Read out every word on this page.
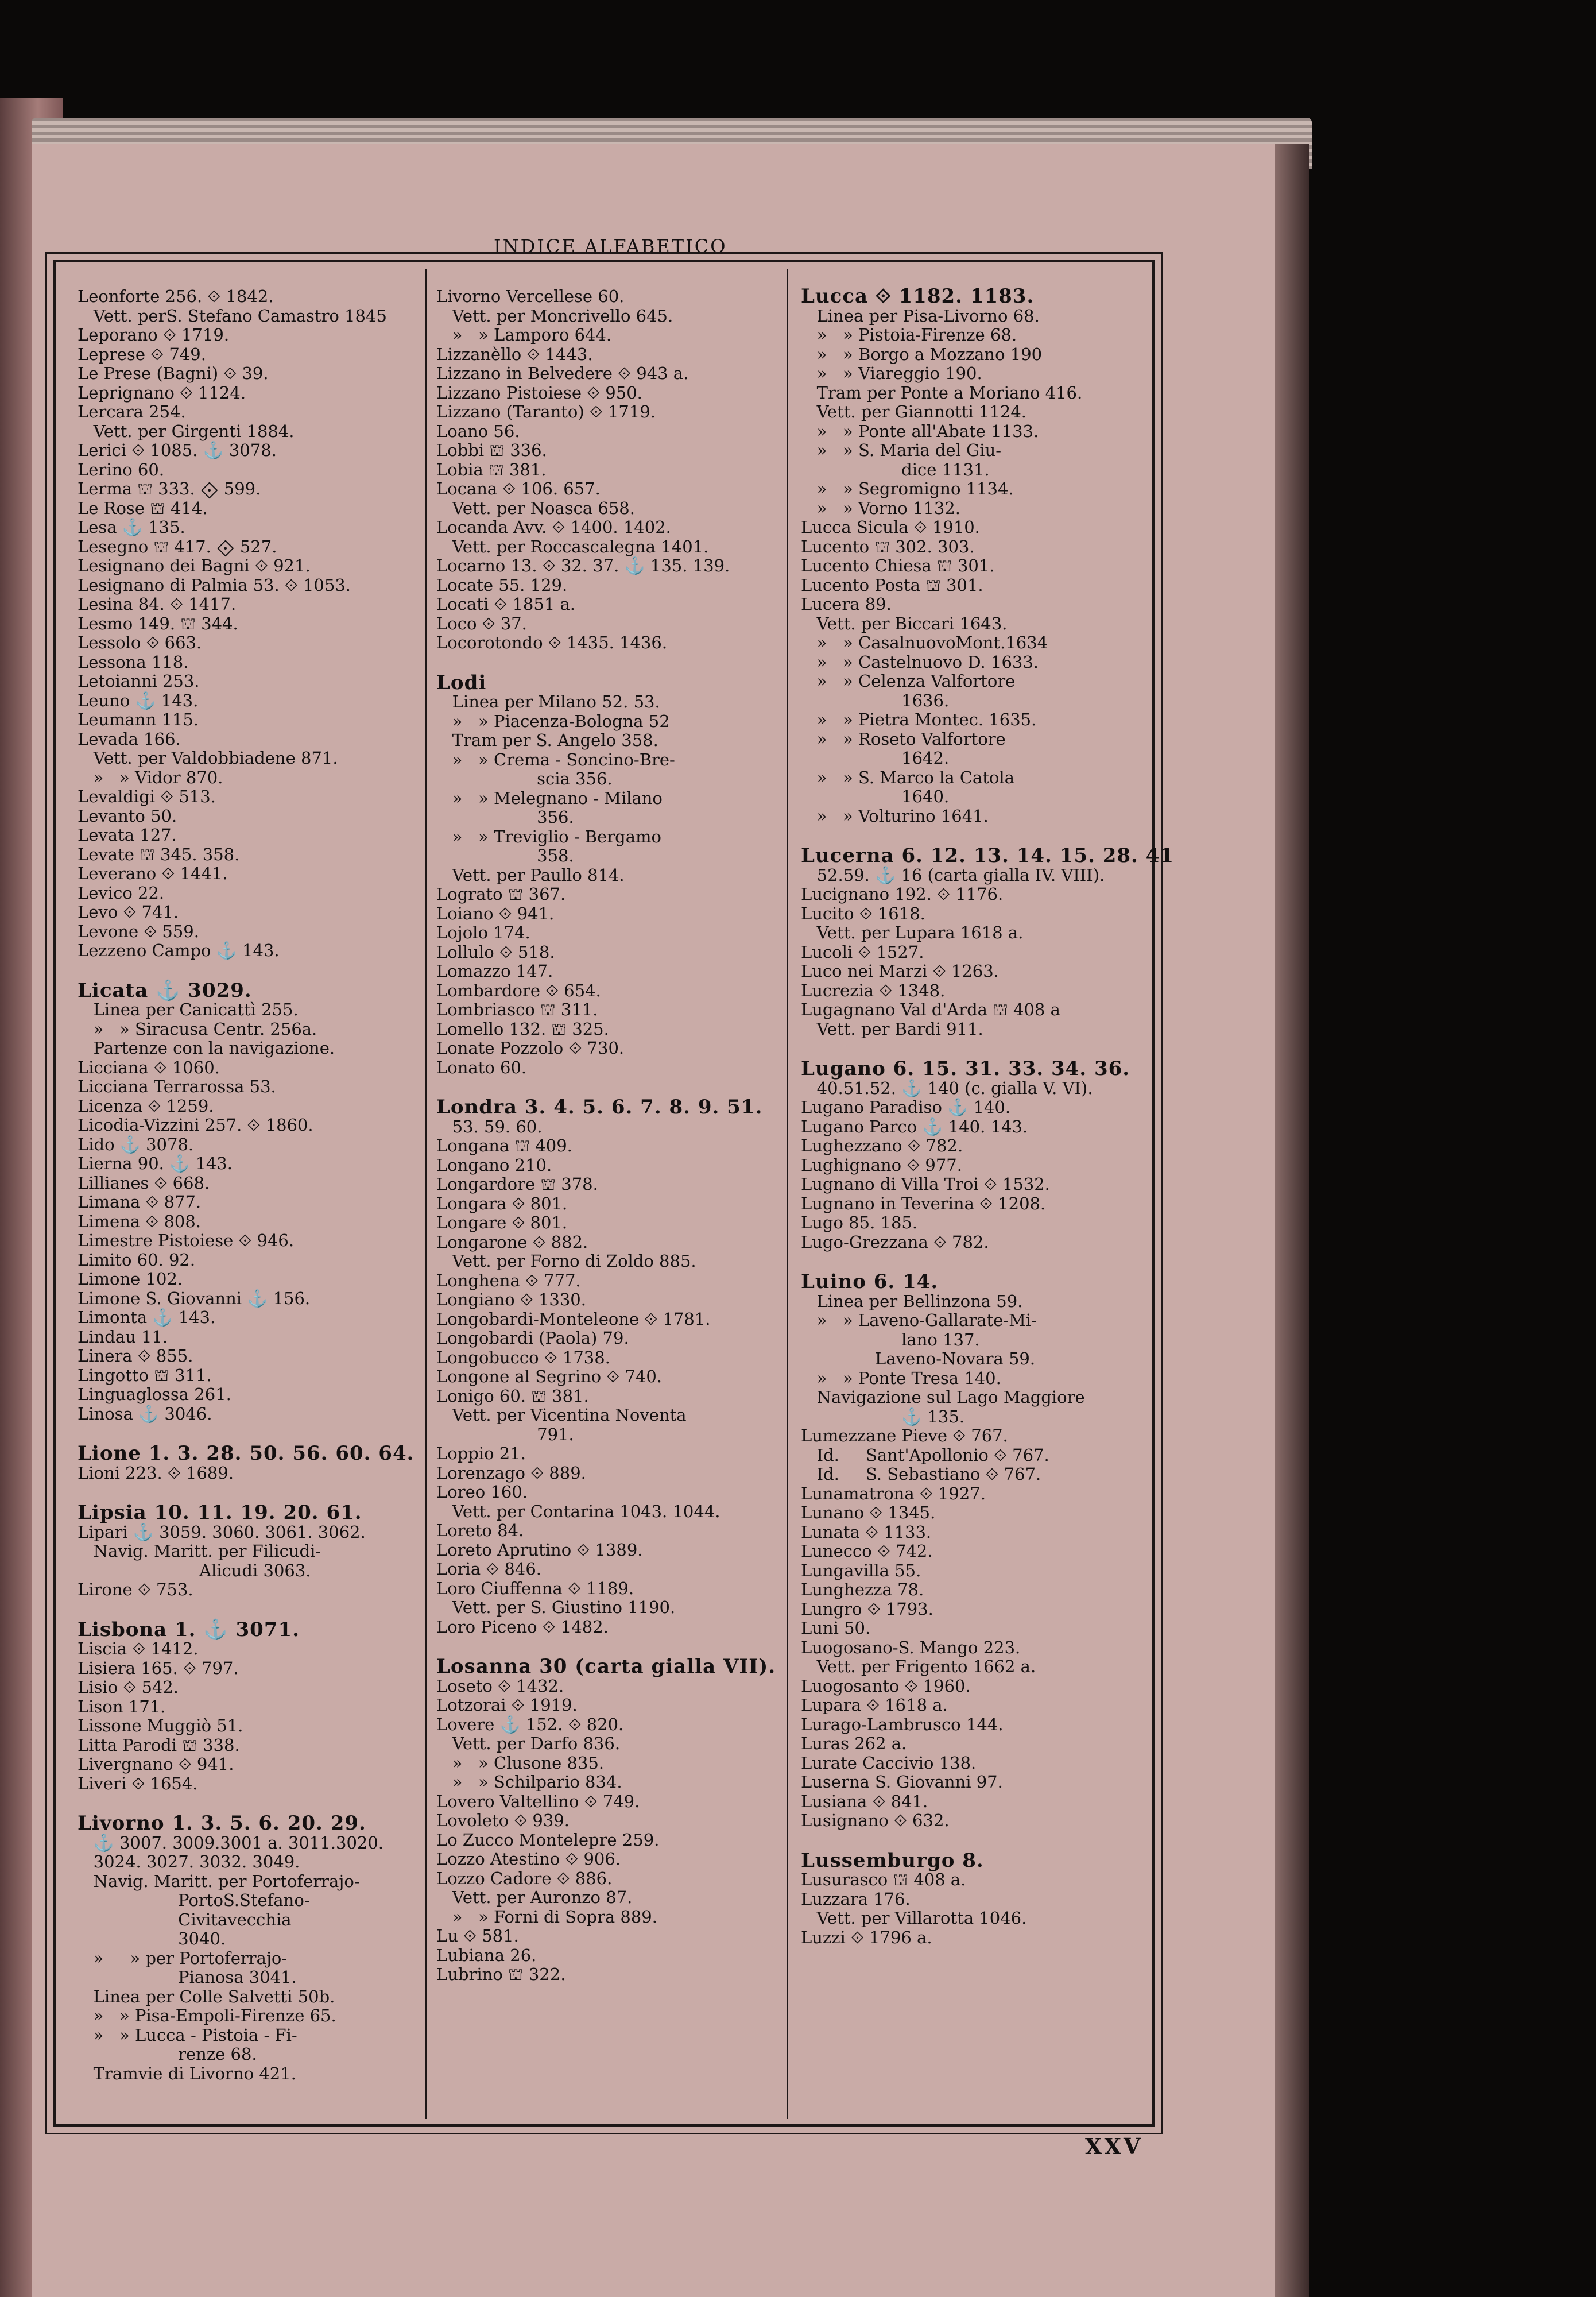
INDICE ALFABETICO
Leonforte 256. ⟐ 1842.
Vett. perS. Stefano Camastro 1845
Leporano ⟐ 1719.
Leprese ⟐ 749.
Le Prese (Bagni) ⟐ 39.
Leprignano ⟐ 1124.
Lercara 254.
Vett. per Girgenti 1884.
Lerici ⟐ 1085. ⚓ 3078.
Lerino 60.
Lerma ⛫ 333. ⟐ 599.
Le Rose ⛫ 414.
Lesa ⚓ 135.
Lesegno ⛫ 417. ⟐ 527.
Lesignano dei Bagni ⟐ 921.
Lesignano di Palmia 53. ⟐ 1053.
Lesina 84. ⟐ 1417.
Lesmo 149. ⛫ 344.
Lessolo ⟐ 663.
Lessona 118.
Letoianni 253.
Leuno ⚓ 143.
Leumann 115.
Levada 166.
Vett. per Valdobbiadene 871.
»   » Vidor 870.
Levaldigi ⟐ 513.
Levanto 50.
Levata 127.
Levate ⛫ 345. 358.
Leverano ⟐ 1441.
Levico 22.
Levo ⟐ 741.
Levone ⟐ 559.
Lezzeno Campo ⚓ 143.
Licata ⚓ 3029.
Linea per Canicattì 255.
»   » Siracusa Centr. 256a.
Partenze con la navigazione.
Licciana ⟐ 1060.
Licciana Terrarossa 53.
Licenza ⟐ 1259.
Licodia-Vizzini 257. ⟐ 1860.
Lido ⚓ 3078.
Lierna 90. ⚓ 143.
Lillianes ⟐ 668.
Limana ⟐ 877.
Limena ⟐ 808.
Limestre Pistoiese ⟐ 946.
Limito 60. 92.
Limone 102.
Limone S. Giovanni ⚓ 156.
Limonta ⚓ 143.
Lindau 11.
Linera ⟐ 855.
Lingotto ⛫ 311.
Linguaglossa 261.
Linosa ⚓ 3046.
Lione 1. 3. 28. 50. 56. 60. 64.
Lioni 223. ⟐ 1689.
Lipsia 10. 11. 19. 20. 61.
Lipari ⚓ 3059. 3060. 3061. 3062.
Navig. Maritt. per Filicudi-
Alicudi 3063.
Lirone ⟐ 753.
Lisbona 1. ⚓ 3071.
Liscia ⟐ 1412.
Lisiera 165. ⟐ 797.
Lisio ⟐ 542.
Lison 171.
Lissone Muggiò 51.
Litta Parodi ⛫ 338.
Livergnano ⟐ 941.
Liveri ⟐ 1654.
Livorno 1. 3. 5. 6. 20. 29.
⚓ 3007. 3009.3001 a. 3011.3020.
3024. 3027. 3032. 3049.
Navig. Maritt. per Portoferrajo-
PortoS.Stefano-
Civitavecchia
3040.
»     » per Portoferrajo-
Pianosa 3041.
Linea per Colle Salvetti 50b.
»   » Pisa-Empoli-Firenze 65.
»   » Lucca - Pistoia - Fi-
renze 68.
Tramvie di Livorno 421.
Livorno Vercellese 60.
Vett. per Moncrivello 645.
»   » Lamporo 644.
Lizzanèllo ⟐ 1443.
Lizzano in Belvedere ⟐ 943 a.
Lizzano Pistoiese ⟐ 950.
Lizzano (Taranto) ⟐ 1719.
Loano 56.
Lobbi ⛫ 336.
Lobia ⛫ 381.
Locana ⟐ 106. 657.
Vett. per Noasca 658.
Locanda Avv. ⟐ 1400. 1402.
Vett. per Roccascalegna 1401.
Locarno 13. ⟐ 32. 37. ⚓ 135. 139.
Locate 55. 129.
Locati ⟐ 1851 a.
Loco ⟐ 37.
Locorotondo ⟐ 1435. 1436.
Lodi
Linea per Milano 52. 53.
»   » Piacenza-Bologna 52
Tram per S. Angelo 358.
»   » Crema - Soncino-Bre-
scia 356.
»   » Melegnano - Milano
356.
»   » Treviglio - Bergamo
358.
Vett. per Paullo 814.
Lograto ⛫ 367.
Loiano ⟐ 941.
Lojolo 174.
Lollulo ⟐ 518.
Lomazzo 147.
Lombardore ⟐ 654.
Lombriasco ⛫ 311.
Lomello 132. ⛫ 325.
Lonate Pozzolo ⟐ 730.
Lonato 60.
Londra 3. 4. 5. 6. 7. 8. 9. 51.
53. 59. 60.
Longana ⛫ 409.
Longano 210.
Longardore ⛫ 378.
Longara ⟐ 801.
Longare ⟐ 801.
Longarone ⟐ 882.
Vett. per Forno di Zoldo 885.
Longhena ⟐ 777.
Longiano ⟐ 1330.
Longobardi-Monteleone ⟐ 1781.
Longobardi (Paola) 79.
Longobucco ⟐ 1738.
Longone al Segrino ⟐ 740.
Lonigo 60. ⛫ 381.
Vett. per Vicentina Noventa
791.
Loppio 21.
Lorenzago ⟐ 889.
Loreo 160.
Vett. per Contarina 1043. 1044.
Loreto 84.
Loreto Aprutino ⟐ 1389.
Loria ⟐ 846.
Loro Ciuffenna ⟐ 1189.
Vett. per S. Giustino 1190.
Loro Piceno ⟐ 1482.
Losanna 30 (carta gialla VII).
Loseto ⟐ 1432.
Lotzorai ⟐ 1919.
Lovere ⚓ 152. ⟐ 820.
Vett. per Darfo 836.
»   » Clusone 835.
»   » Schilpario 834.
Lovero Valtellino ⟐ 749.
Lovoleto ⟐ 939.
Lo Zucco Montelepre 259.
Lozzo Atestino ⟐ 906.
Lozzo Cadore ⟐ 886.
Vett. per Auronzo 87.
»   » Forni di Sopra 889.
Lu ⟐ 581.
Lubiana 26.
Lubrino ⛫ 322.
Lucca ⟐ 1182. 1183.
Linea per Pisa-Livorno 68.
»   » Pistoia-Firenze 68.
»   » Borgo a Mozzano 190
»   » Viareggio 190.
Tram per Ponte a Moriano 416.
Vett. per Giannotti 1124.
»   » Ponte all'Abate 1133.
»   » S. Maria del Giu-
dice 1131.
»   » Segromigno 1134.
»   » Vorno 1132.
Lucca Sicula ⟐ 1910.
Lucento ⛫ 302. 303.
Lucento Chiesa ⛫ 301.
Lucento Posta ⛫ 301.
Lucera 89.
Vett. per Biccari 1643.
»   » CasalnuovoMont.1634
»   » Castelnuovo D. 1633.
»   » Celenza Valfortore
1636.
»   » Pietra Montec. 1635.
»   » Roseto Valfortore
1642.
»   » S. Marco la Catola
1640.
»   » Volturino 1641.
Lucerna 6. 12. 13. 14. 15. 28. 41
52.59. ⚓ 16 (carta gialla IV. VIII).
Lucignano 192. ⟐ 1176.
Lucito ⟐ 1618.
Vett. per Lupara 1618 a.
Lucoli ⟐ 1527.
Luco nei Marzi ⟐ 1263.
Lucrezia ⟐ 1348.
Lugagnano Val d'Arda ⛫ 408 a
Vett. per Bardi 911.
Lugano 6. 15. 31. 33. 34. 36.
40.51.52. ⚓ 140 (c. gialla V. VI).
Lugano Paradiso ⚓ 140.
Lugano Parco ⚓ 140. 143.
Lughezzano ⟐ 782.
Lughignano ⟐ 977.
Lugnano di Villa Troi ⟐ 1532.
Lugnano in Teverina ⟐ 1208.
Lugo 85. 185.
Lugo-Grezzana ⟐ 782.
Luino 6. 14.
Linea per Bellinzona 59.
»   » Laveno-Gallarate-Mi-
lano 137.
Laveno-Novara 59.
»   » Ponte Tresa 140.
Navigazione sul Lago Maggiore
⚓ 135.
Lumezzane Pieve ⟐ 767.
Id.     Sant'Apollonio ⟐ 767.
Id.     S. Sebastiano ⟐ 767.
Lunamatrona ⟐ 1927.
Lunano ⟐ 1345.
Lunata ⟐ 1133.
Lunecco ⟐ 742.
Lungavilla 55.
Lunghezza 78.
Lungro ⟐ 1793.
Luni 50.
Luogosano-S. Mango 223.
Vett. per Frigento 1662 a.
Luogosanto ⟐ 1960.
Lupara ⟐ 1618 a.
Lurago-Lambrusco 144.
Luras 262 a.
Lurate Caccivio 138.
Luserna S. Giovanni 97.
Lusiana ⟐ 841.
Lusignano ⟐ 632.
Lussemburgo 8.
Lusurasco ⛫ 408 a.
Luzzara 176.
Vett. per Villarotta 1046.
Luzzi ⟐ 1796 a.
XXV
